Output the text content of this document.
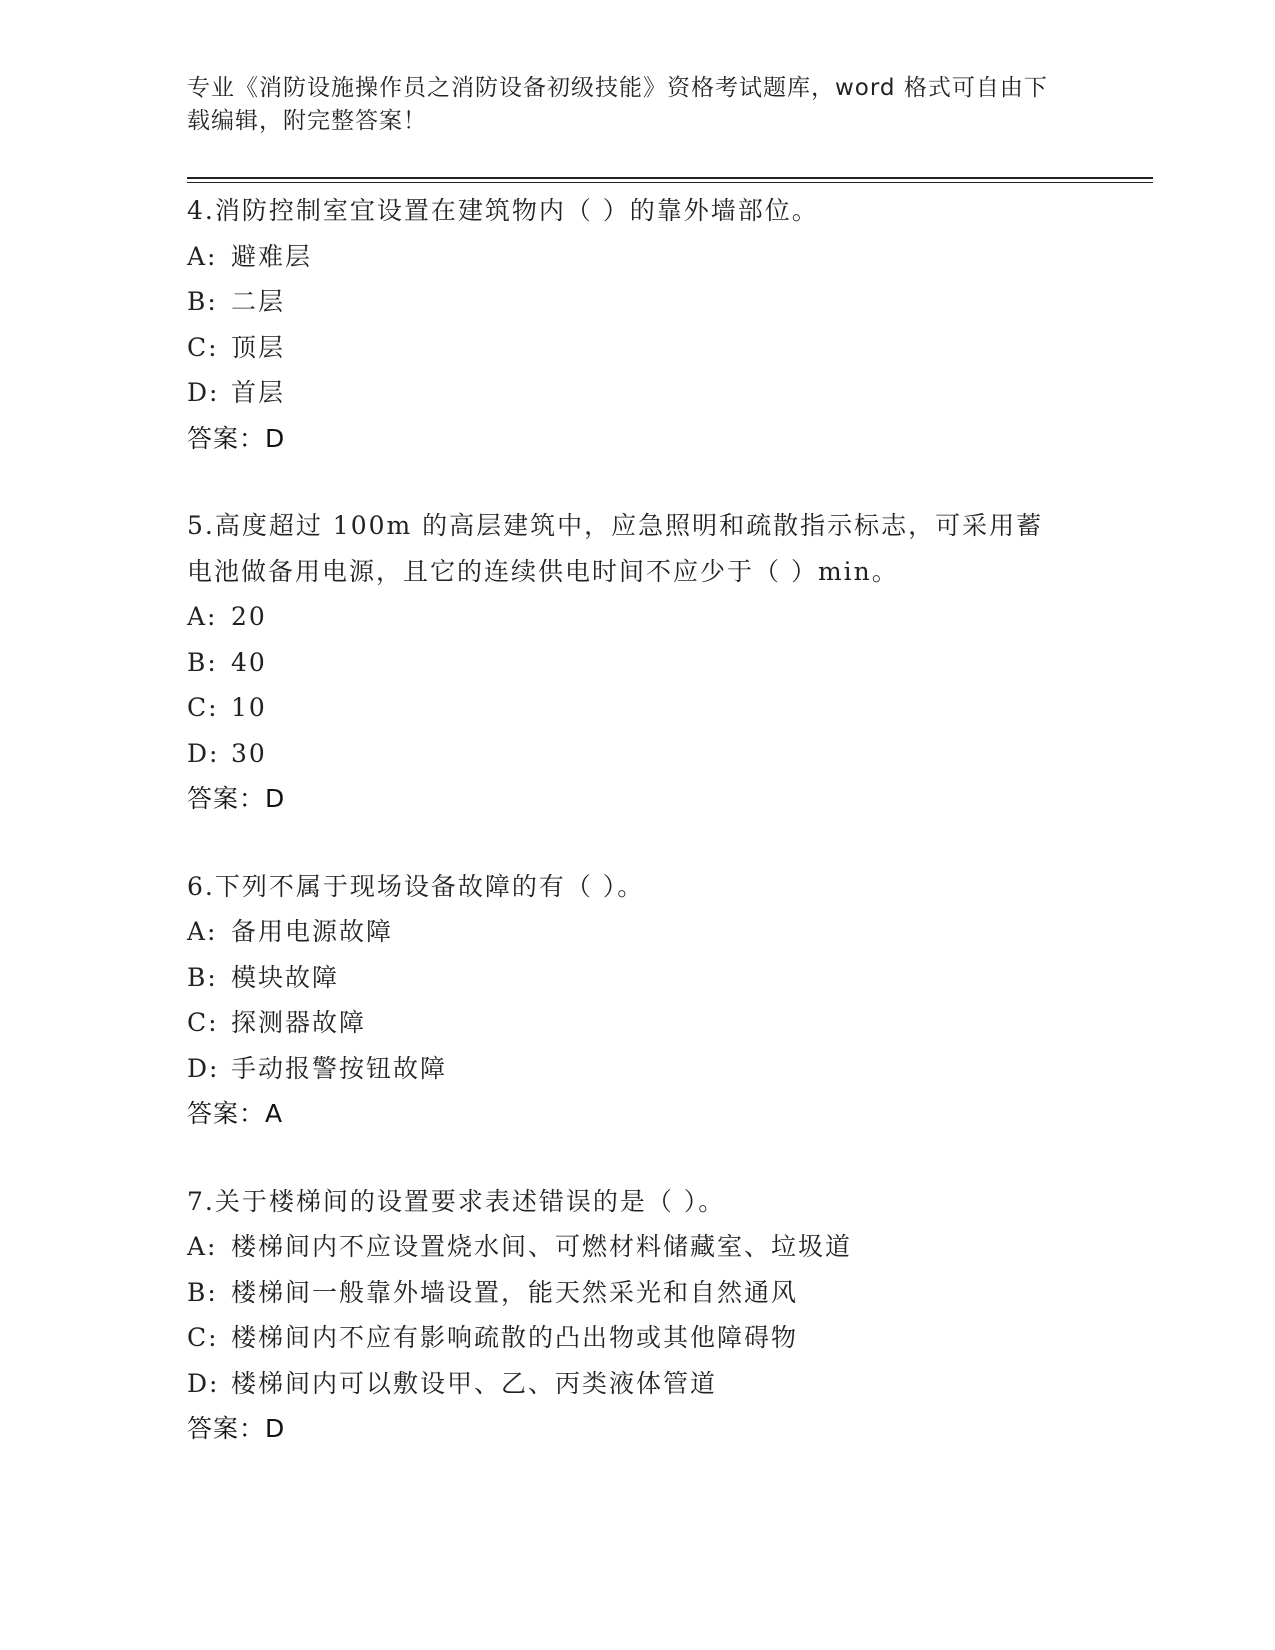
专业《消防设施操作员之消防设备初级技能》资格考试题库，word 格式可自由下
载编辑，附完整答案！
4.消防控制室宜设置在建筑物内（ ）的靠外墙部位。
A: 避难层
B: 二层
C: 顶层
D: 首层
答案：D
5.高度超过 100m 的高层建筑中，应急照明和疏散指示标志，可采用蓄
电池做备用电源，且它的连续供电时间不应少于（ ）min。
A: 20
B: 40
C: 10
D: 30
答案：D
6.下列不属于现场设备故障的有（ ）。
A: 备用电源故障
B: 模块故障
C: 探测器故障
D: 手动报警按钮故障
答案：A
7.关于楼梯间的设置要求表述错误的是（ ）。
A: 楼梯间内不应设置烧水间、可燃材料储藏室、垃圾道
B: 楼梯间一般靠外墙设置，能天然采光和自然通风
C: 楼梯间内不应有影响疏散的凸出物或其他障碍物
D: 楼梯间内可以敷设甲、乙、丙类液体管道
答案：D
